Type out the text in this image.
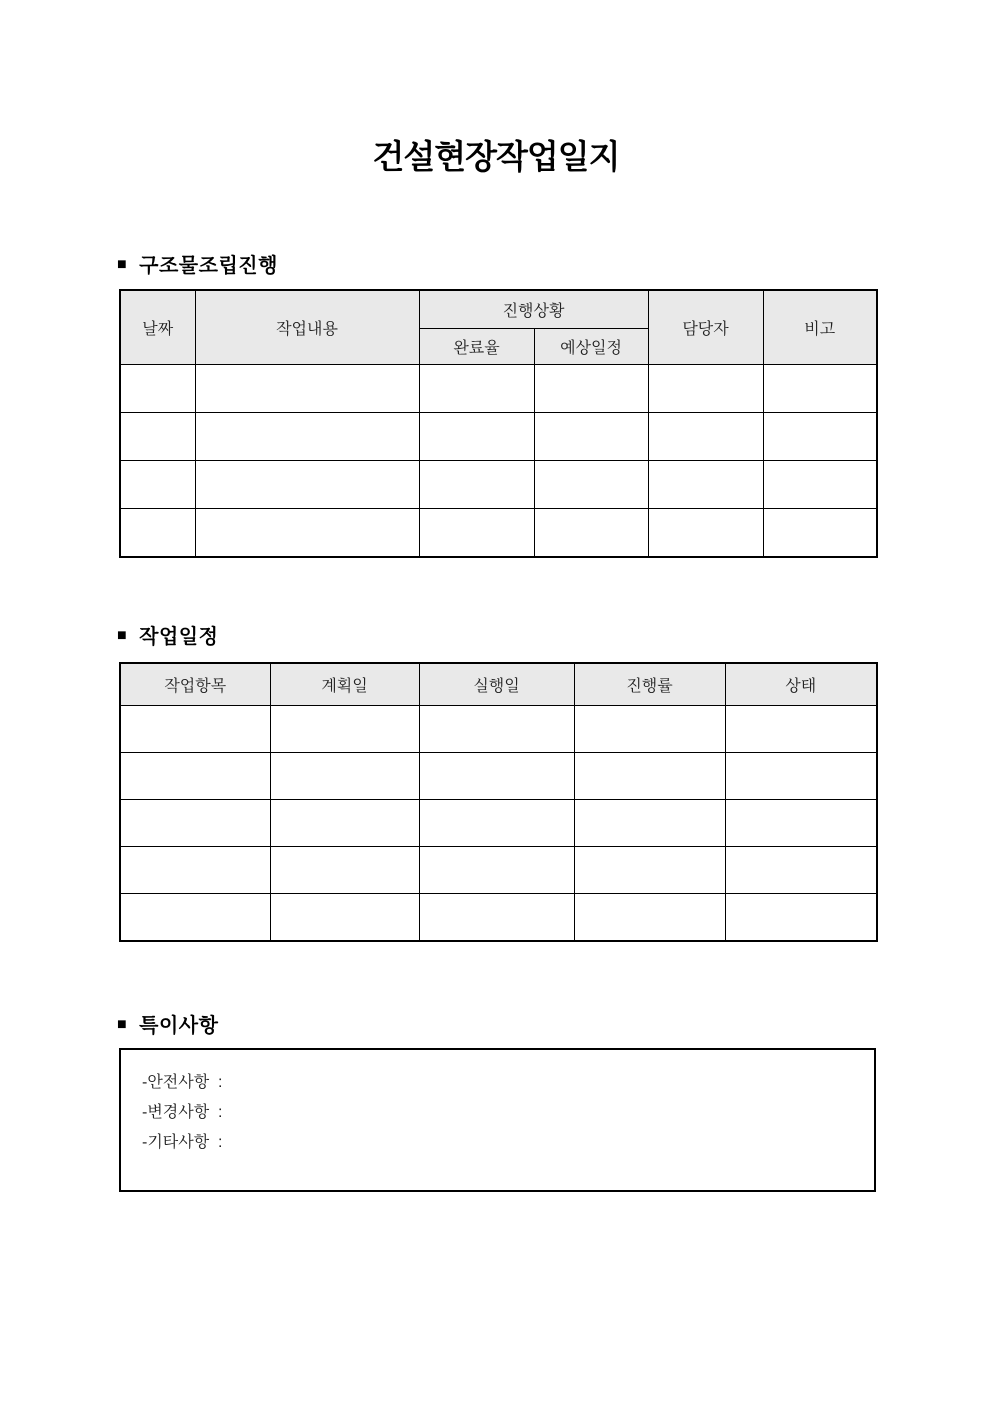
건설현장작업일지
■ 구조물조립진행
날짜	작업내용	진행상황		담당자	비고
		완료율	예상일정		

■ 작업일정
작업항목	계획일	실행일	진행률	상태

■ 특이사항
-안전사항  :
-변경사항  :
-기타사항  :
